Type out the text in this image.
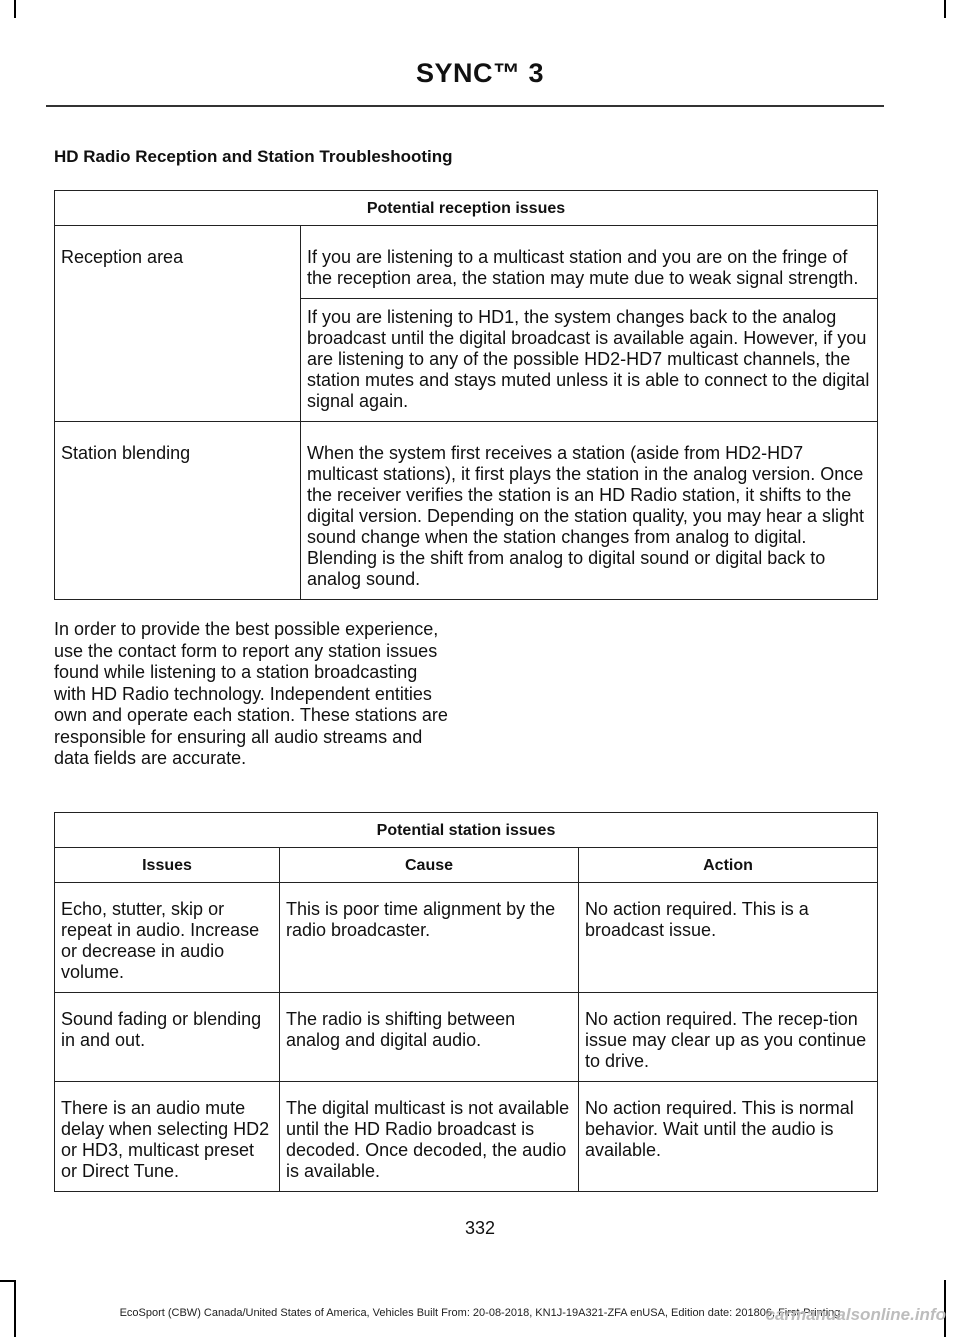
SYNC™ 3
HD Radio Reception and Station Troubleshooting
Potential reception issues	
Reception area	If you are listening to a multicast station and you are on the fringe of the reception area, the station may mute due to weak signal strength.
	If you are listening to HD1, the system changes back to the analog broadcast until the digital broadcast is available again. However, if you are listening to any of the possible HD2-HD7 multicast channels, the station mutes and stays muted unless it is able to connect to the digital signal again.
Station blending	When the system first receives a station (aside from HD2-HD7 multicast stations), it first plays the station in the analog version. Once the receiver verifies the station is an HD Radio station, it shifts to the digital version. Depending on the station quality, you may hear a slight sound change when the station changes from analog to digital. Blending is the shift from analog to digital sound or digital back to analog sound.
In order to provide the best possible experience, use the contact form to report any station issues found while listening to a station broadcasting with HD Radio technology. Independent entities own and operate each station. These stations are responsible for ensuring all audio streams and data fields are accurate.
Potential station issues		
Issues	Cause	Action
Echo, stutter, skip or repeat in audio. Increase or decrease in audio volume.	This is poor time alignment by the radio broadcaster.	No action required. This is a broadcast issue.
Sound fading or blending in and out.	The radio is shifting between analog and digital audio.	No action required. The recep-tion issue may clear up as you continue to drive.
There is an audio mute delay when selecting HD2 or HD3, multicast preset or Direct Tune.	The digital multicast is not available until the HD Radio broadcast is decoded. Once decoded, the audio is available.	No action required. This is normal behavior. Wait until the audio is available.
332
EcoSport (CBW) Canada/United States of America, Vehicles Built From: 20-08-2018, KN1J-19A321-ZFA enUSA, Edition date: 201806, First-Printing
carmanualsonline.info
